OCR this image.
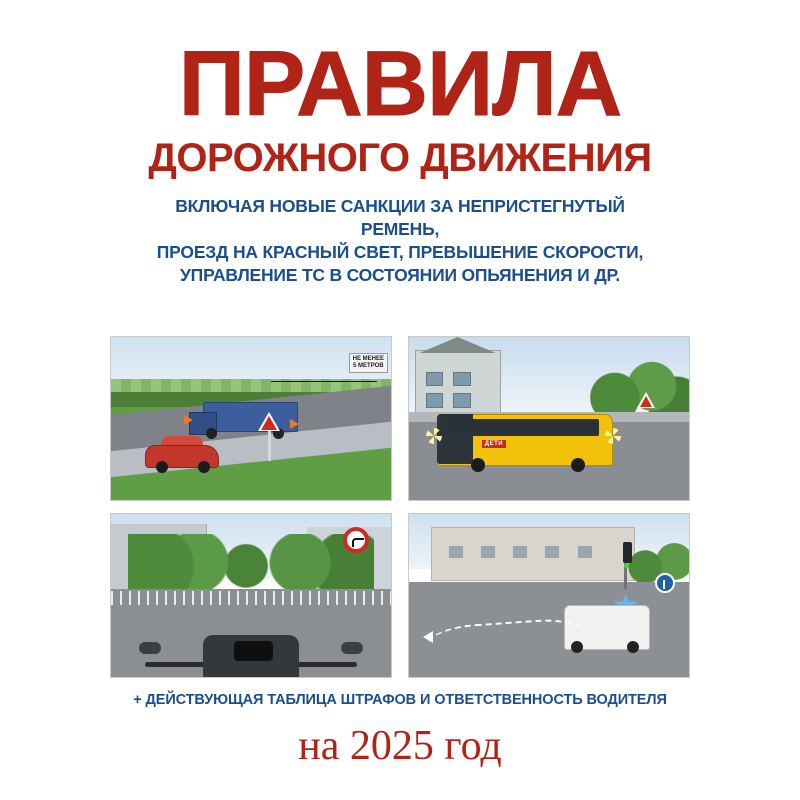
ПРАВИЛА
ДОРОЖНОГО ДВИЖЕНИЯ
ВКЛЮЧАЯ НОВЫЕ САНКЦИИ ЗА НЕПРИСТЕГНУТЫЙ РЕМЕНЬ,
ПРОЕЗД НА КРАСНЫЙ СВЕТ, ПРЕВЫШЕНИЕ СКОРОСТИ,
УПРАВЛЕНИЕ ТС В СОСТОЯНИИ ОПЬЯНЕНИЯ И ДР.
НЕ МЕНЕЕ
5 МЕТРОВ
ДЕТИ
+ ДЕЙСТВУЮЩАЯ ТАБЛИЦА ШТРАФОВ И ОТВЕТСТВЕННОСТЬ ВОДИТЕЛЯ
на 2025 год
